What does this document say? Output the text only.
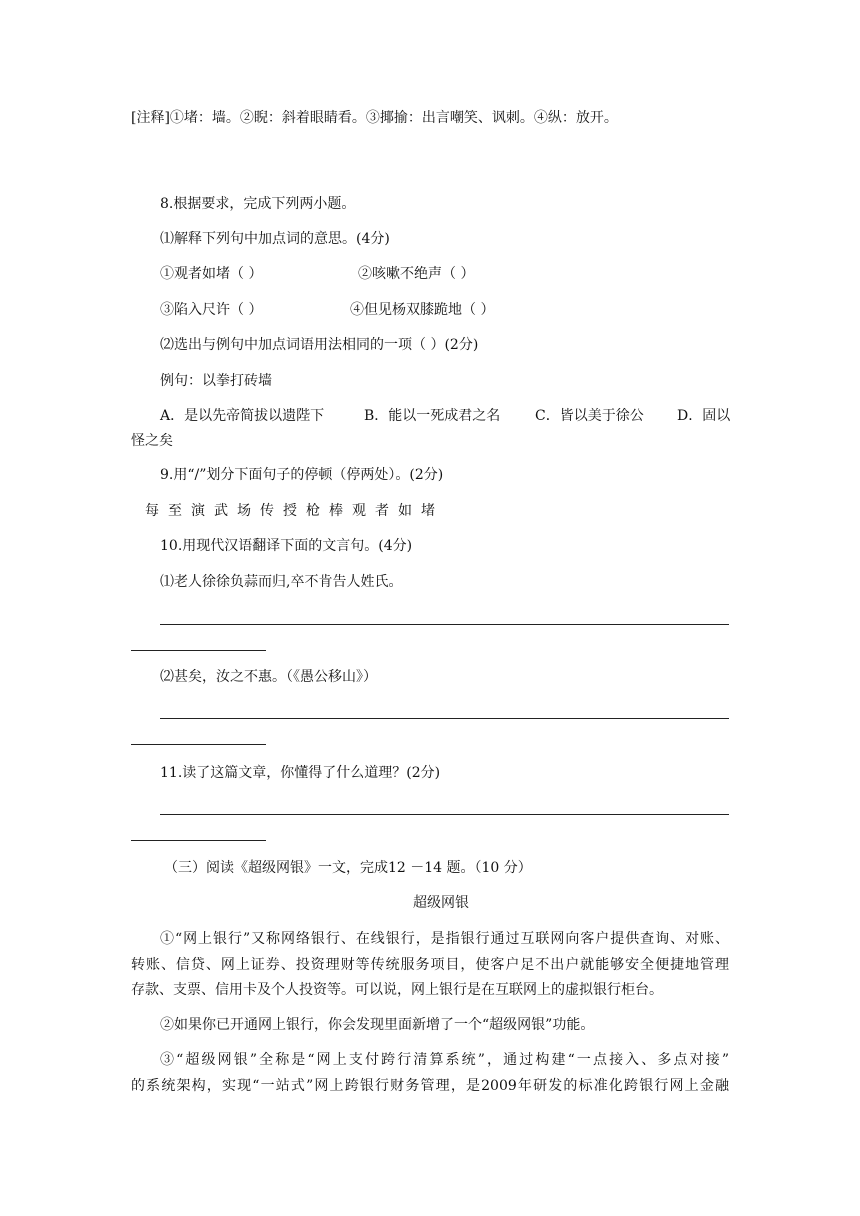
[注释]①堵：墙。②睨：斜着眼睛看。③揶揄：出言嘲笑、讽刺。④纵：放开。
8.根据要求，完成下列两小题。
⑴解释下列句中加点词的意思。(4分)
①观者如堵（ ）	②咳嗽不绝声（ ）
③陷入尺许（ ）	④但见杨双膝跪地（ ）
⑵选出与例句中加点词语用法相同的一项（ ）(2分)
例句：以拳打砖墙
A．是以先帝简拔以遗陛下	B．能以一死成君之名 C．皆以美于徐公 D．固以
怪之矣
9.用“/”划分下面句子的停顿（停两处）。(2分)
每至演武场传授枪棒观者如堵
10.用现代汉语翻译下面的文言句。(4分)
⑴老人徐徐负蒜而归,卒不肯告人姓氏。
⑵甚矣，汝之不惠。（《愚公移山》）
11.读了这篇文章，你懂得了什么道理？(2分)
（三）阅读《超级网银》一文，完成12 －14 题。（10 分）
超级网银
①“网上银行”又称网络银行、在线银行，是指银行通过互联网向客户提供查询、对账、
转账、信贷、网上证券、投资理财等传统服务项目，使客户足不出户就能够安全便捷地管理
存款、支票、信用卡及个人投资等。可以说，网上银行是在互联网上的虚拟银行柜台。
②如果你已开通网上银行，你会发现里面新增了一个“超级网银”功能。
③“超级网银”全称是“网上支付跨行清算系统”，通过构建“一点接入、多点对接”
的系统架构，实现“一站式”网上跨银行财务管理，是2009年研发的标准化跨银行网上金融
